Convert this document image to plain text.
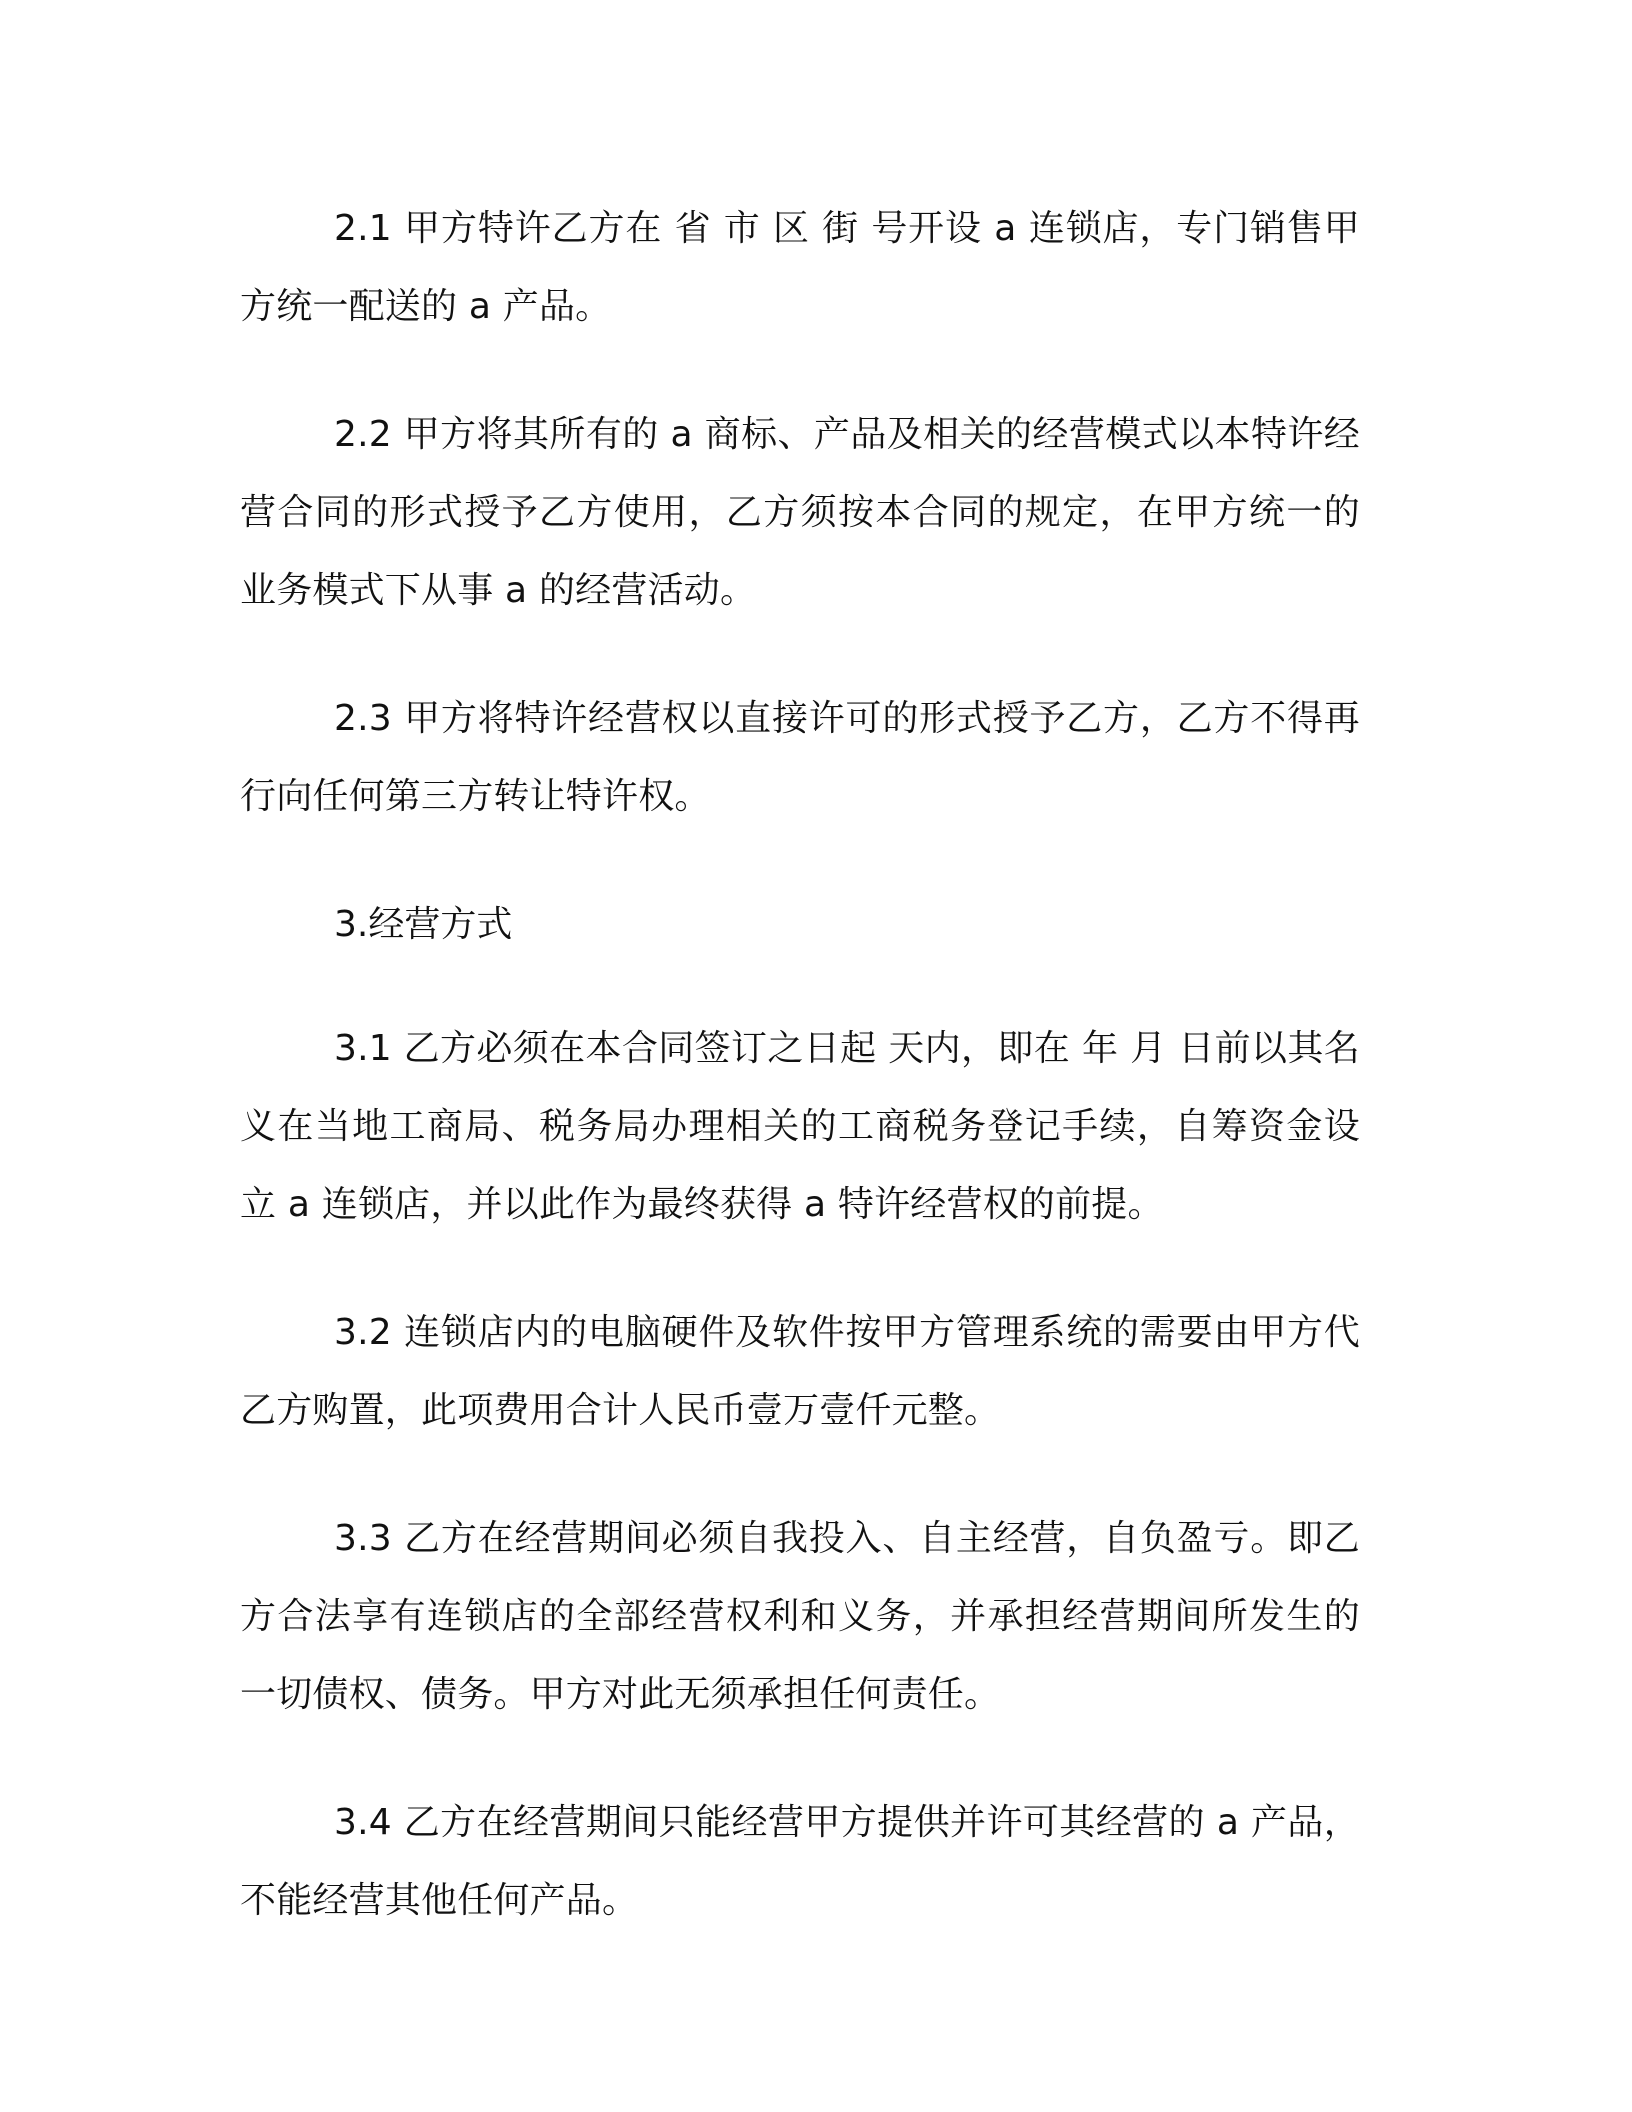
2.1 甲方特许乙方在 省 市 区 街 号开设 a 连锁店，专门销售甲方统一配送的 a 产品。

2.2 甲方将其所有的 a 商标、产品及相关的经营模式以本特许经营合同的形式授予乙方使用，乙方须按本合同的规定，在甲方统一的业务模式下从事 a 的经营活动。

2.3 甲方将特许经营权以直接许可的形式授予乙方，乙方不得再行向任何第三方转让特许权。

3.经营方式

3.1 乙方必须在本合同签订之日起 天内，即在 年 月 日前以其名义在当地工商局、税务局办理相关的工商税务登记手续，自筹资金设立 a 连锁店，并以此作为最终获得 a 特许经营权的前提。

3.2 连锁店内的电脑硬件及软件按甲方管理系统的需要由甲方代乙方购置，此项费用合计人民币壹万壹仟元整。

3.3 乙方在经营期间必须自我投入、自主经营，自负盈亏。即乙方合法享有连锁店的全部经营权利和义务，并承担经营期间所发生的一切债权、债务。甲方对此无须承担任何责任。

3.4 乙方在经营期间只能经营甲方提供并许可其经营的 a 产品，不能经营其他任何产品。
